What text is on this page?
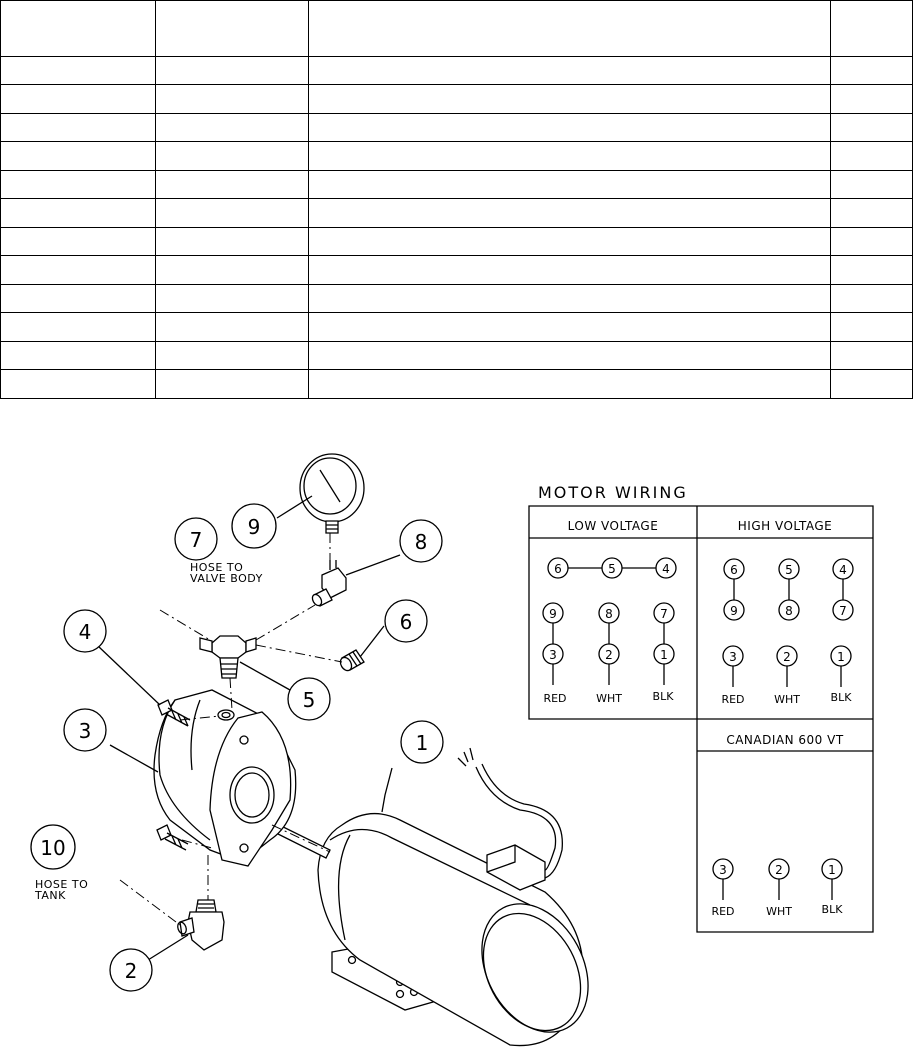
1
2
3
4
5
6
7	8
9
10
HOSE TO
VALVE BODY
HOSE TO
TANK
MOTOR WIRING
LOW VOLTAGE	HIGH VOLTAGE
CANADIAN 600 VT
6	5	4
9	8	7
3	2	1
RED	WHT	BLK
6	5	4
9	8	7
3	2	1
RED	WHT	BLK
3	2	1
RED	WHT	BLK
